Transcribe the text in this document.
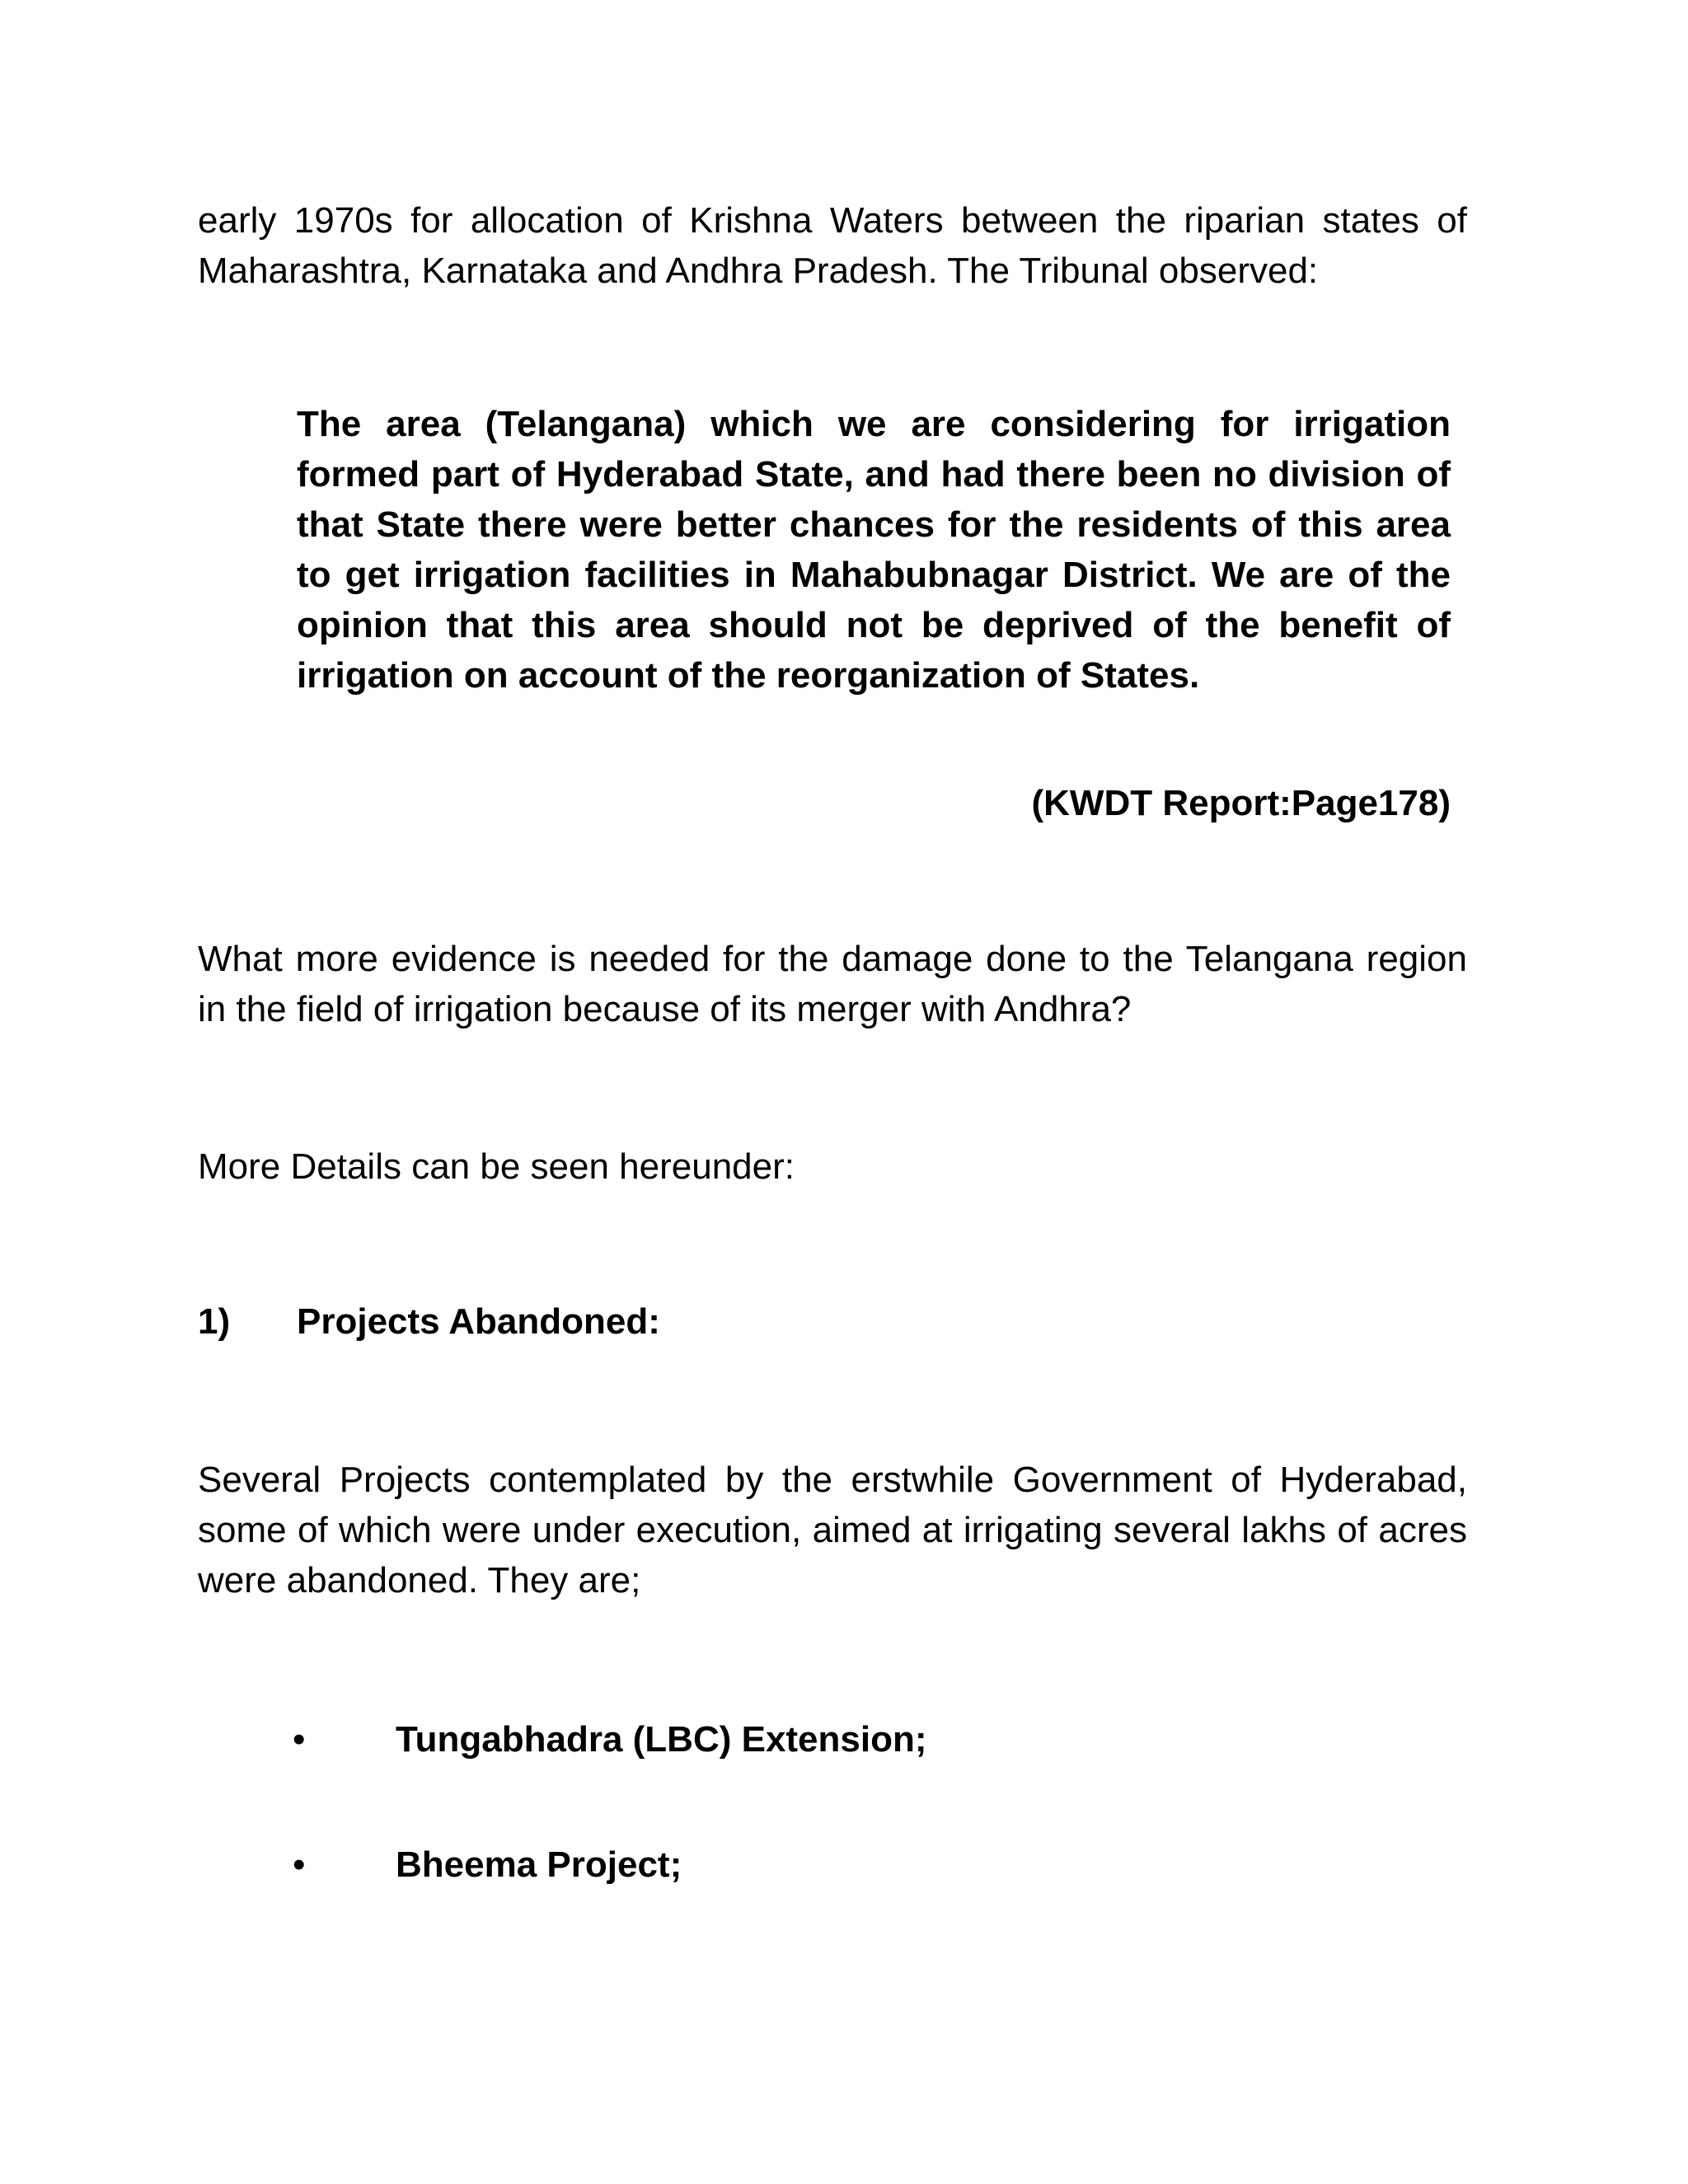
early 1970s for allocation of Krishna Waters between the riparian states of Maharashtra, Karnataka and Andhra Pradesh. The Tribunal observed:

The area (Telangana) which we are considering for irrigation formed part of Hyderabad State, and had there been no division of that State there were better chances for the residents of this area to get irrigation facilities in Mahabubnagar District. We are of the opinion that this area should not be deprived of the benefit of irrigation on account of the reorganization of States.

(KWDT Report:Page178)

What more evidence is needed for the damage done to the Telangana region in the field of irrigation because of its merger with Andhra?

More Details can be seen hereunder:

1) Projects Abandoned:

Several Projects contemplated by the erstwhile Government of Hyderabad, some of which were under execution, aimed at irrigating several lakhs of acres were abandoned. They are;

• Tungabhadra (LBC) Extension;
• Bheema Project;
